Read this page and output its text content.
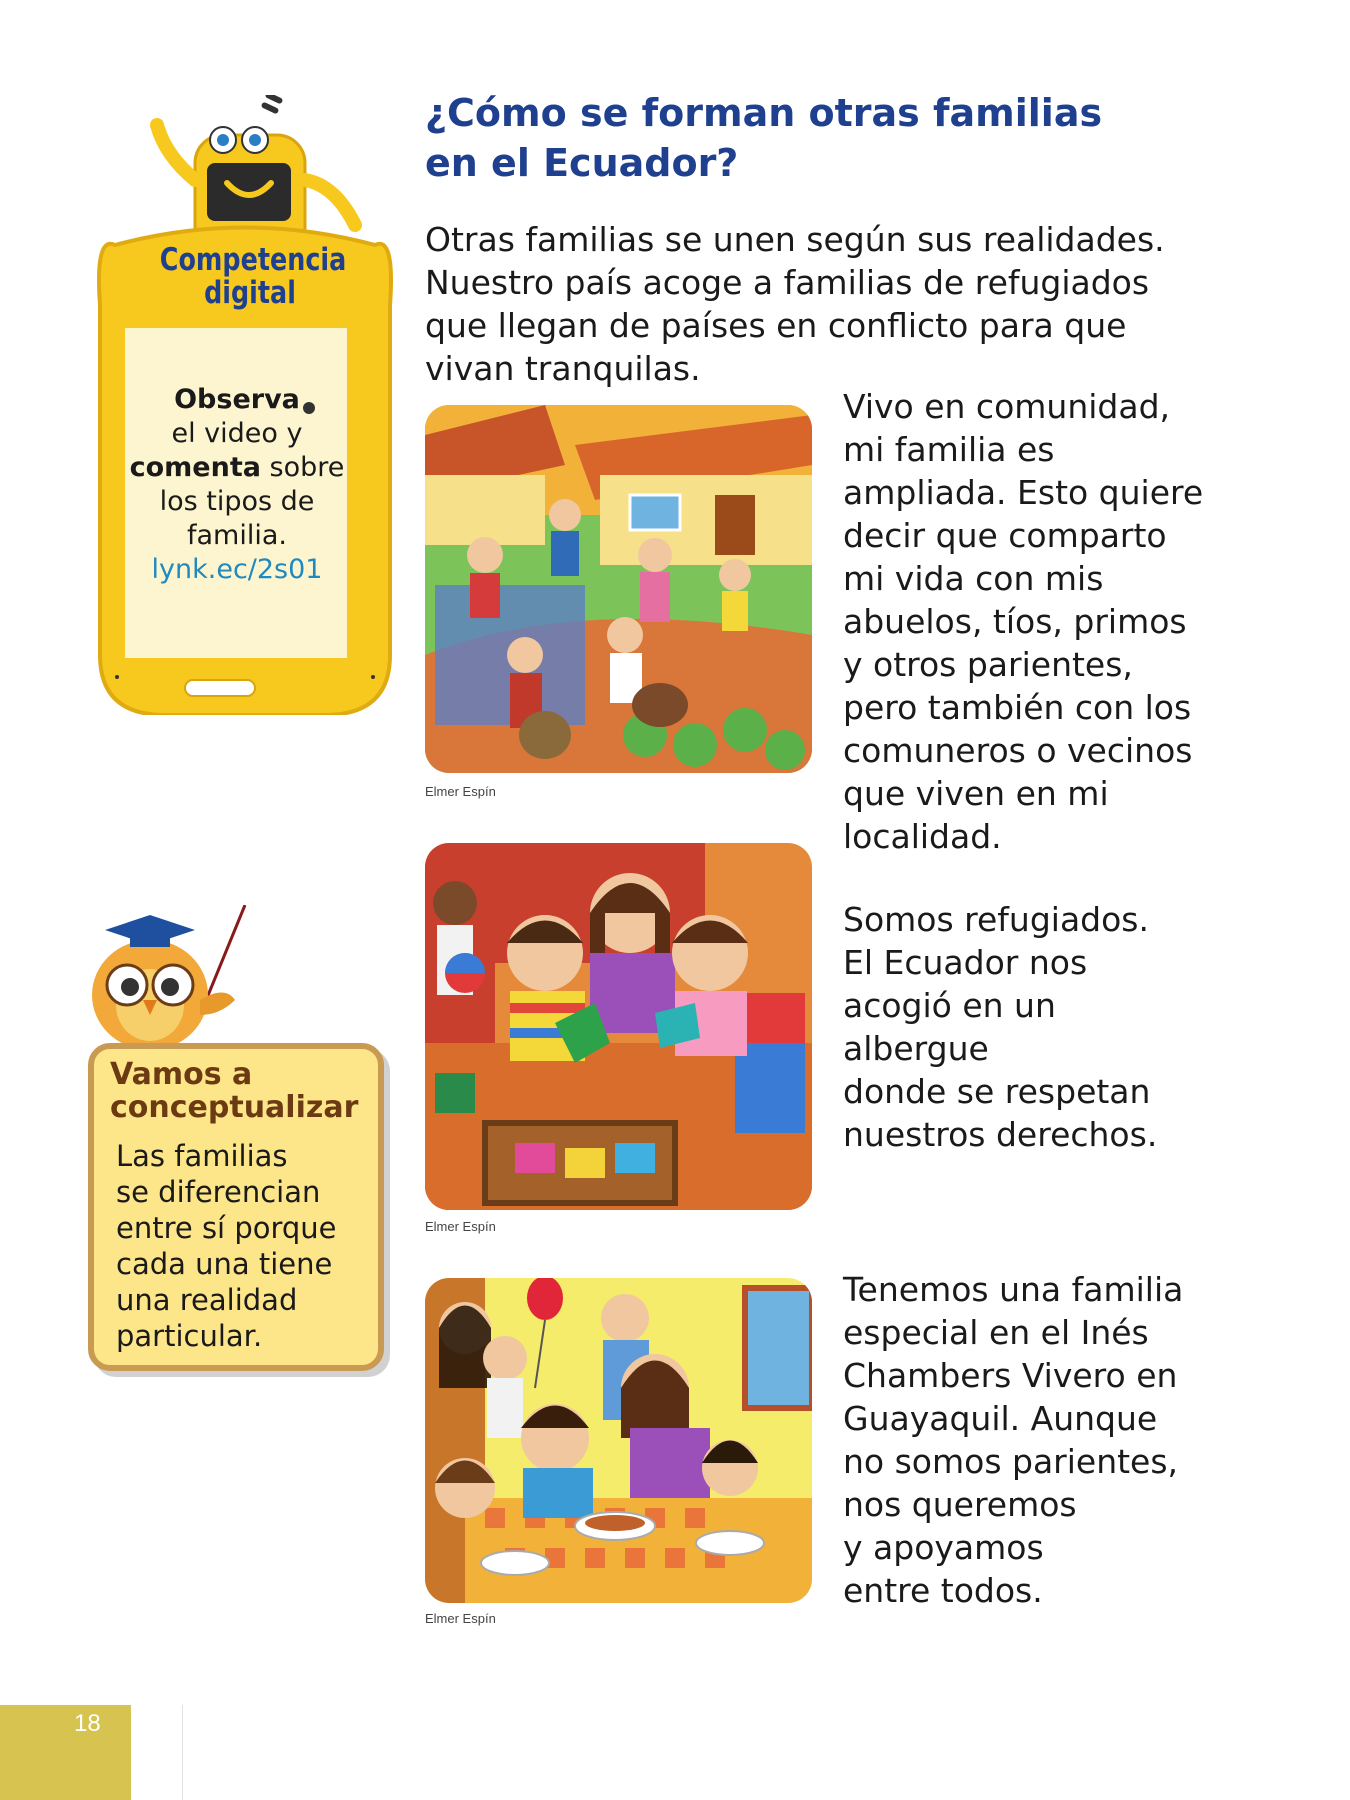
¿Cómo se forman otras familias
en el Ecuador?
Otras familias se unen según sus realidades.
Nuestro país acoge a familias de refugiados
que llegan de países en conflicto para que
vivan tranquilas.
Elmer Espín
Vivo en comunidad,
mi familia es
ampliada. Esto quiere
decir que comparto
mi vida con mis
abuelos, tíos, primos
y otros parientes,
pero también con los
comuneros o vecinos
que viven en mi
localidad.
Elmer Espín
Somos refugiados.
El Ecuador nos
acogió en un
albergue
donde se respetan
nuestros derechos.
Elmer Espín
Tenemos una familia
especial en el Inés
Chambers Vivero en
Guayaquil. Aunque
no somos parientes,
nos queremos
y apoyamos
entre todos.
Competencia
digital
Observa
el video y
comenta sobre
los tipos de
familia.
lynk.ec/2s01
Vamos a
conceptualizar
Las familias
se diferencian
entre sí porque
cada una tiene
una realidad
particular.
18
